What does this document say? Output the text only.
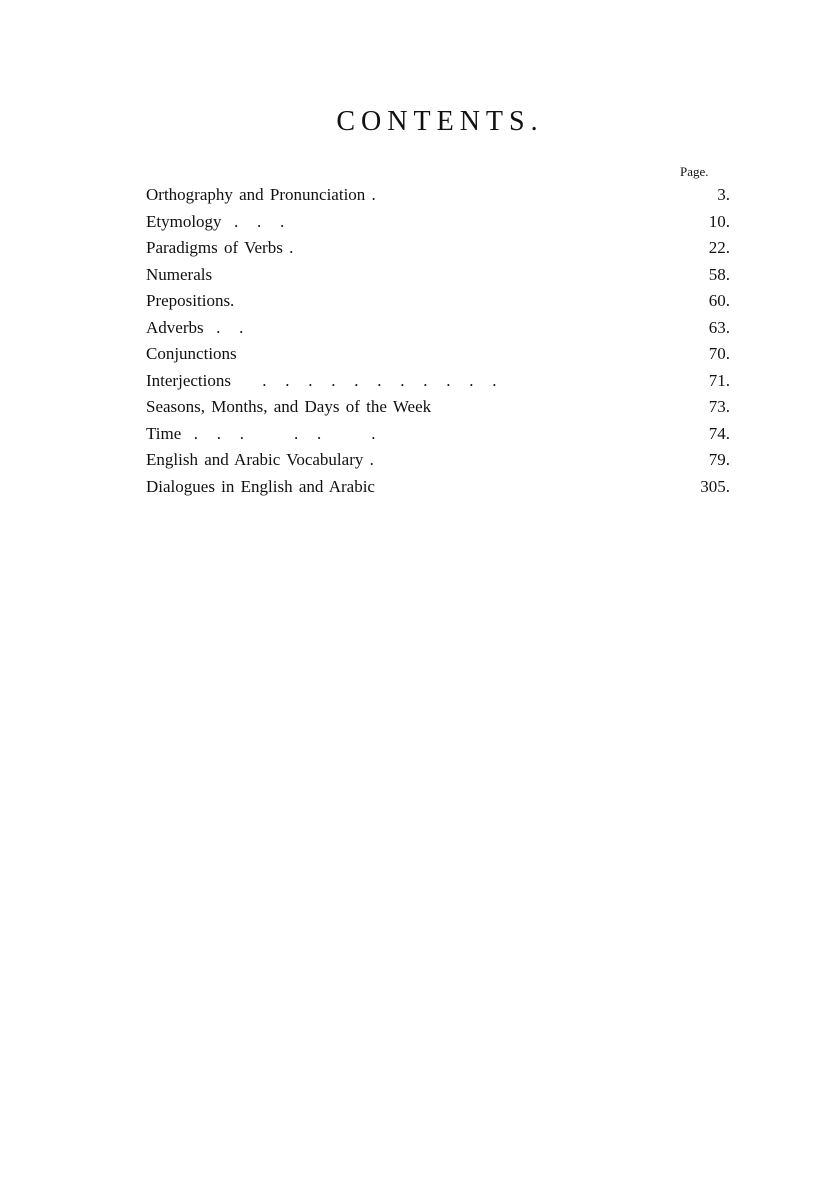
CONTENTS.
Page.
Orthography and Pronunciation .	3.
Etymology  .   .   .	10.
Paradigms of Verbs .	22.
Numerals	58.
Prepositions.	60.
Adverbs  .   .	63.
Conjunctions	70.
Interjections     .   .   .   .   .   .   .   .   .   .   .	71.
Seasons, Months, and Days of the Week	73.
Time  .   .   .        .   .        .	74.
English and Arabic Vocabulary .	79.
Dialogues in English and Arabic	305.
